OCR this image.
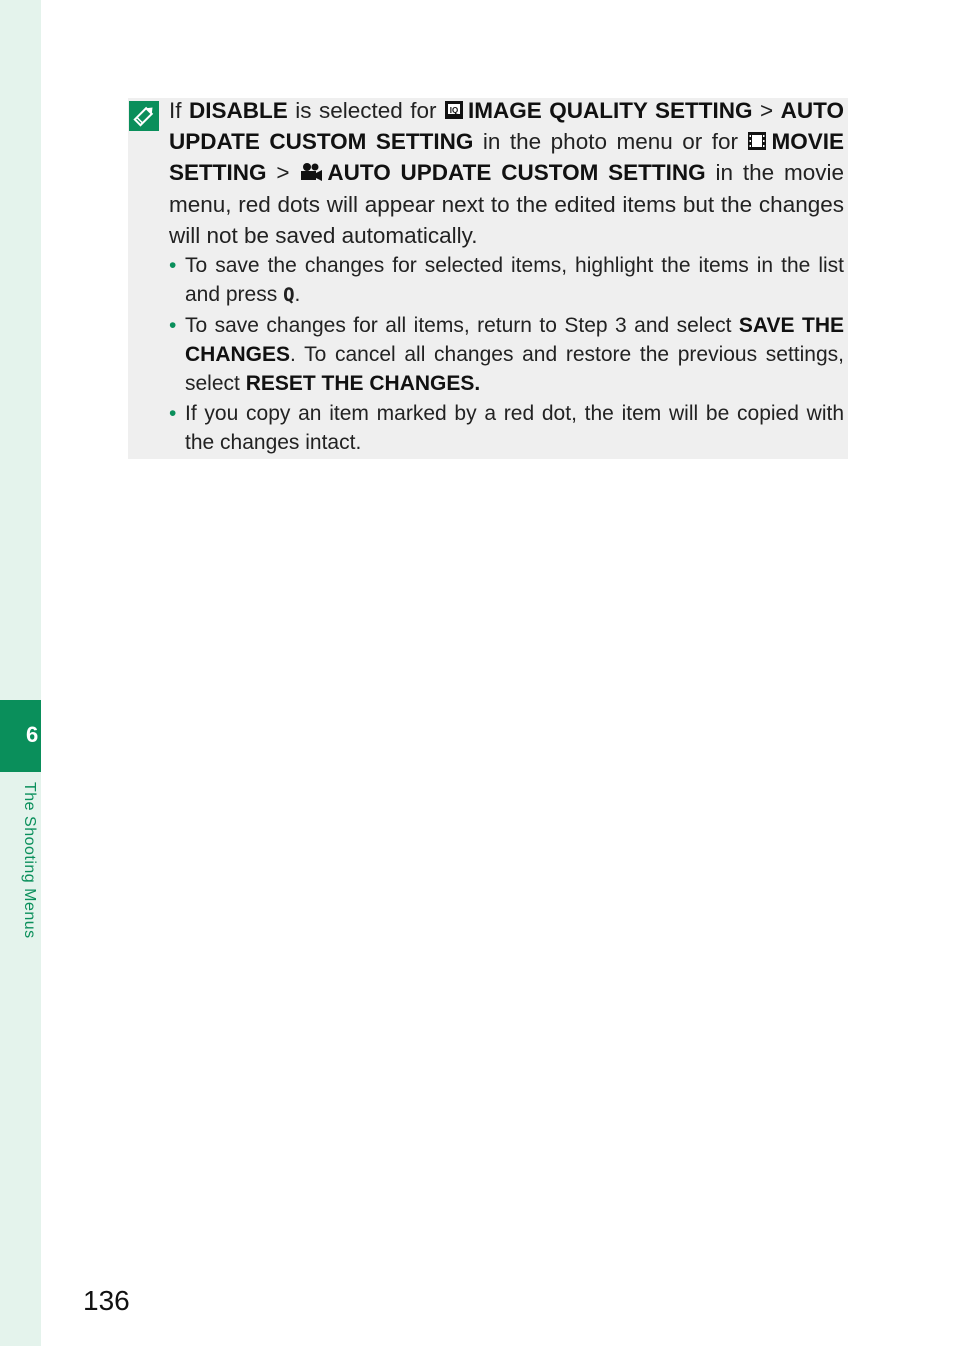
6
The Shooting Menus

If DISABLE is selected for IQ IMAGE QUALITY SETTING > AUTO UPDATE CUSTOM SETTING in the photo menu or for MOVIE SETTING > AUTO UPDATE CUSTOM SETTING in the movie menu, red dots will appear next to the edited items but the changes will not be saved automatically.

• To save the changes for selected items, highlight the items in the list and press Q.
• To save changes for all items, return to Step 3 and select SAVE THE CHANGES. To cancel all changes and restore the previous settings, select RESET THE CHANGES.
• If you copy an item marked by a red dot, the item will be copied with the changes intact.
136
